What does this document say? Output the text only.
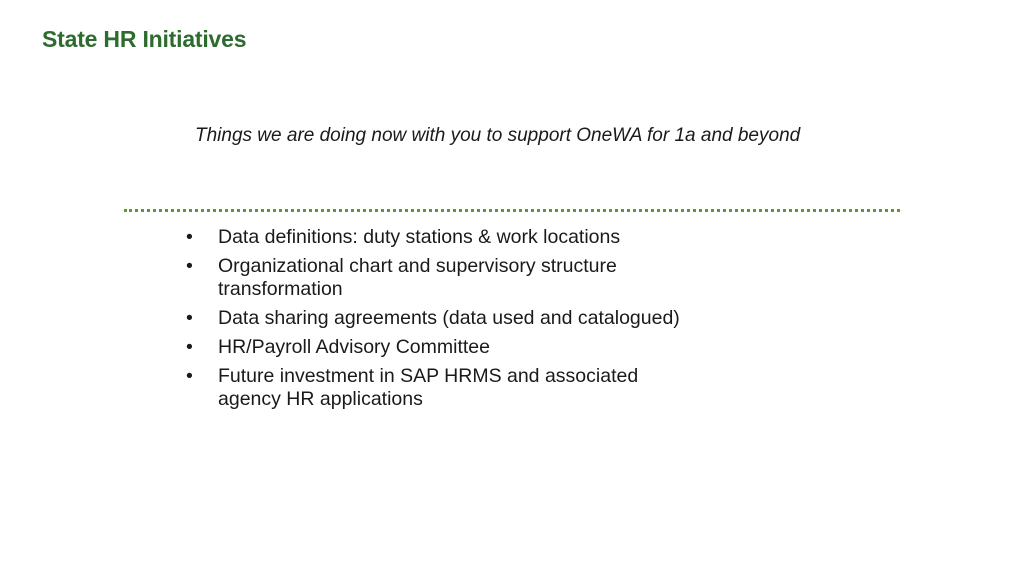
State HR Initiatives

Things we are doing now with you to support OneWA for 1a and beyond

•	Data definitions: duty stations & work locations
•	Organizational chart and supervisory structure transformation
•	Data sharing agreements (data used and catalogued)
•	HR/Payroll Advisory Committee
•	Future investment in SAP HRMS and associated agency HR applications
